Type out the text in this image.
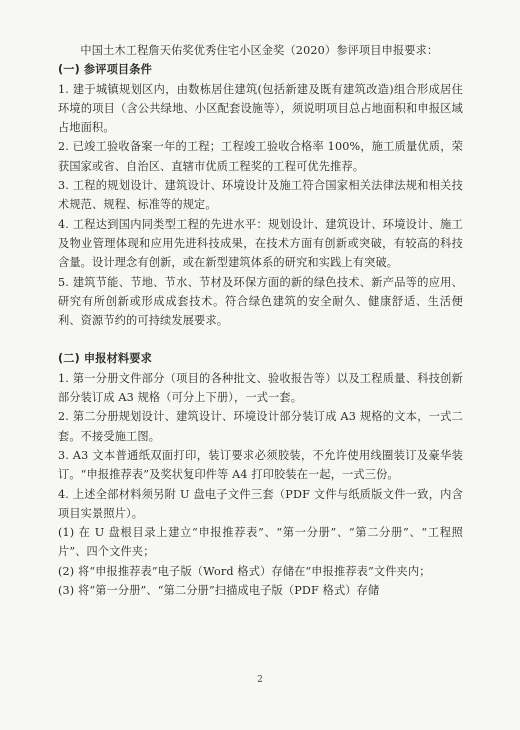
中国土木工程詹天佑奖优秀住宅小区金奖（2020）参评项目申报要求：

(一) 参评项目条件

1. 建于城镇规划区内，由数栋居住建筑(包括新建及既有建筑改造)组合形成居住环境的项目（含公共绿地、小区配套设施等），须说明项目总占地面积和申报区域占地面积。

2. 已竣工验收备案一年的工程；工程竣工验收合格率 100%，施工质量优质，荣获国家或省、自治区、直辖市优质工程奖的工程可优先推荐。

3. 工程的规划设计、建筑设计、环境设计及施工符合国家相关法律法规和相关技术规范、规程、标准等的规定。

4. 工程达到国内同类型工程的先进水平：规划设计、建筑设计、环境设计、施工及物业管理体现和应用先进科技成果，在技术方面有创新或突破，有较高的科技含量。设计理念有创新，或在新型建筑体系的研究和实践上有突破。

5. 建筑节能、节地、节水、节材及环保方面的新的绿色技术、新产品等的应用、研究有所创新或形成成套技术。符合绿色建筑的安全耐久、健康舒适、生活便利、资源节约的可持续发展要求。

(二) 申报材料要求

1. 第一分册文件部分（项目的各种批文、验收报告等）以及工程质量、科技创新部分装订成 A3 规格（可分上下册），一式一套。

2. 第二分册规划设计、建筑设计、环境设计部分装订成 A3 规格的文本，一式二套。不接受施工图。

3. A3 文本普通纸双面打印，装订要求必须胶装，不允许使用线圈装订及豪华装订。“申报推荐表”及奖状复印件等 A4 打印胶装在一起，一式三份。

4. 上述全部材料须另附 U 盘电子文件三套（PDF 文件与纸质版文件一致，内含项目实景照片）。

(1) 在 U 盘根目录上建立“申报推荐表”、“第一分册”、“第二分册”、“工程照片”、四个文件夹；

(2) 将“申报推荐表”电子版（Word 格式）存储在“申报推荐表”文件夹内；

(3) 将“第一分册”、“第二分册”扫描成电子版（PDF 格式）存储

2
